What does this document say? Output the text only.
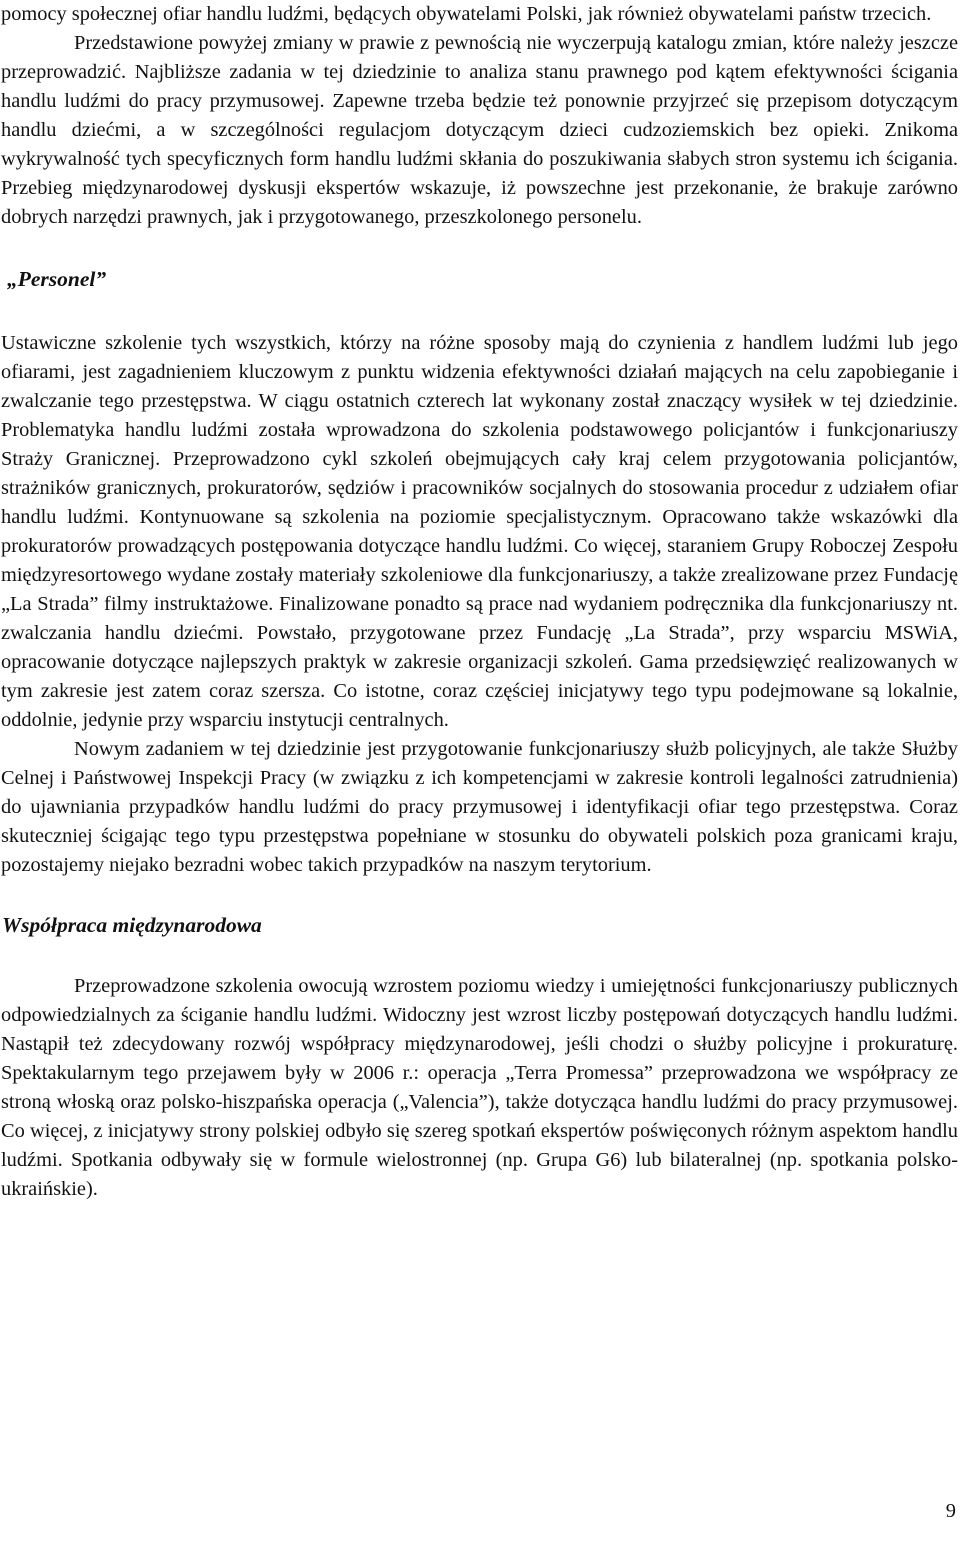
pomocy społecznej ofiar handlu ludźmi, będących obywatelami Polski, jak również obywatelami państw trzecich.

Przedstawione powyżej zmiany w prawie z pewnością nie wyczerpują katalogu zmian, które należy jeszcze przeprowadzić. Najbliższe zadania w tej dziedzinie to analiza stanu prawnego pod kątem efektywności ścigania handlu ludźmi do pracy przymusowej. Zapewne trzeba będzie też ponownie przyjrzeć się przepisom dotyczącym handlu dziećmi, a w szczególności regulacjom dotyczącym dzieci cudzoziemskich bez opieki. Znikoma wykrywalność tych specyficznych form handlu ludźmi skłania do poszukiwania słabych stron systemu ich ścigania. Przebieg międzynarodowej dyskusji ekspertów wskazuje, iż powszechne jest przekonanie, że brakuje zarówno dobrych narzędzi prawnych, jak i przygotowanego, przeszkolonego personelu.

„Personel”

Ustawiczne szkolenie tych wszystkich, którzy na różne sposoby mają do czynienia z handlem ludźmi lub jego ofiarami, jest zagadnieniem kluczowym z punktu widzenia efektywności działań mających na celu zapobieganie i zwalczanie tego przestępstwa. W ciągu ostatnich czterech lat wykonany został znaczący wysiłek w tej dziedzinie. Problematyka handlu ludźmi została wprowadzona do szkolenia podstawowego policjantów i funkcjonariuszy Straży Granicznej. Przeprowadzono cykl szkoleń obejmujących cały kraj celem przygotowania policjantów, strażników granicznych, prokuratorów, sędziów i pracowników socjalnych do stosowania procedur z udziałem ofiar handlu ludźmi. Kontynuowane są szkolenia na poziomie specjalistycznym. Opracowano także wskazówki dla prokuratorów prowadzących postępowania dotyczące handlu ludźmi. Co więcej, staraniem Grupy Roboczej Zespołu międzyresortowego wydane zostały materiały szkoleniowe dla funkcjonariuszy, a także zrealizowane przez Fundację „La Strada” filmy instruktażowe. Finalizowane ponadto są prace nad wydaniem podręcznika dla funkcjonariuszy nt. zwalczania handlu dziećmi. Powstało, przygotowane przez Fundację „La Strada”, przy wsparciu MSWiA, opracowanie dotyczące najlepszych praktyk w zakresie organizacji szkoleń. Gama przedsięwzięć realizowanych w tym zakresie jest zatem coraz szersza. Co istotne, coraz częściej inicjatywy tego typu podejmowane są lokalnie, oddolnie, jedynie przy wsparciu instytucji centralnych.

Nowym zadaniem w tej dziedzinie jest przygotowanie funkcjonariuszy służb policyjnych, ale także Służby Celnej i Państwowej Inspekcji Pracy (w związku z ich kompetencjami w zakresie kontroli legalności zatrudnienia) do ujawniania przypadków handlu ludźmi do pracy przymusowej i identyfikacji ofiar tego przestępstwa. Coraz skuteczniej ścigając tego typu przestępstwa popełniane w stosunku do obywateli polskich poza granicami kraju, pozostajemy niejako bezradni wobec takich przypadków na naszym terytorium.

Współpraca międzynarodowa

Przeprowadzone szkolenia owocują wzrostem poziomu wiedzy i umiejętności funkcjonariuszy publicznych odpowiedzialnych za ściganie handlu ludźmi. Widoczny jest wzrost liczby postępowań dotyczących handlu ludźmi. Nastąpił też zdecydowany rozwój współpracy międzynarodowej, jeśli chodzi o służby policyjne i prokuraturę. Spektakularnym tego przejawem były w 2006 r.: operacja „Terra Promessa” przeprowadzona we współpracy ze stroną włoską oraz polsko-hiszpańska operacja („Valencia”), także dotycząca handlu ludźmi do pracy przymusowej. Co więcej, z inicjatywy strony polskiej odbyło się szereg spotkań ekspertów poświęconych różnym aspektom handlu ludźmi. Spotkania odbywały się w formule wielostronnej (np. Grupa G6) lub bilateralnej (np. spotkania polsko-ukraińskie).

9
